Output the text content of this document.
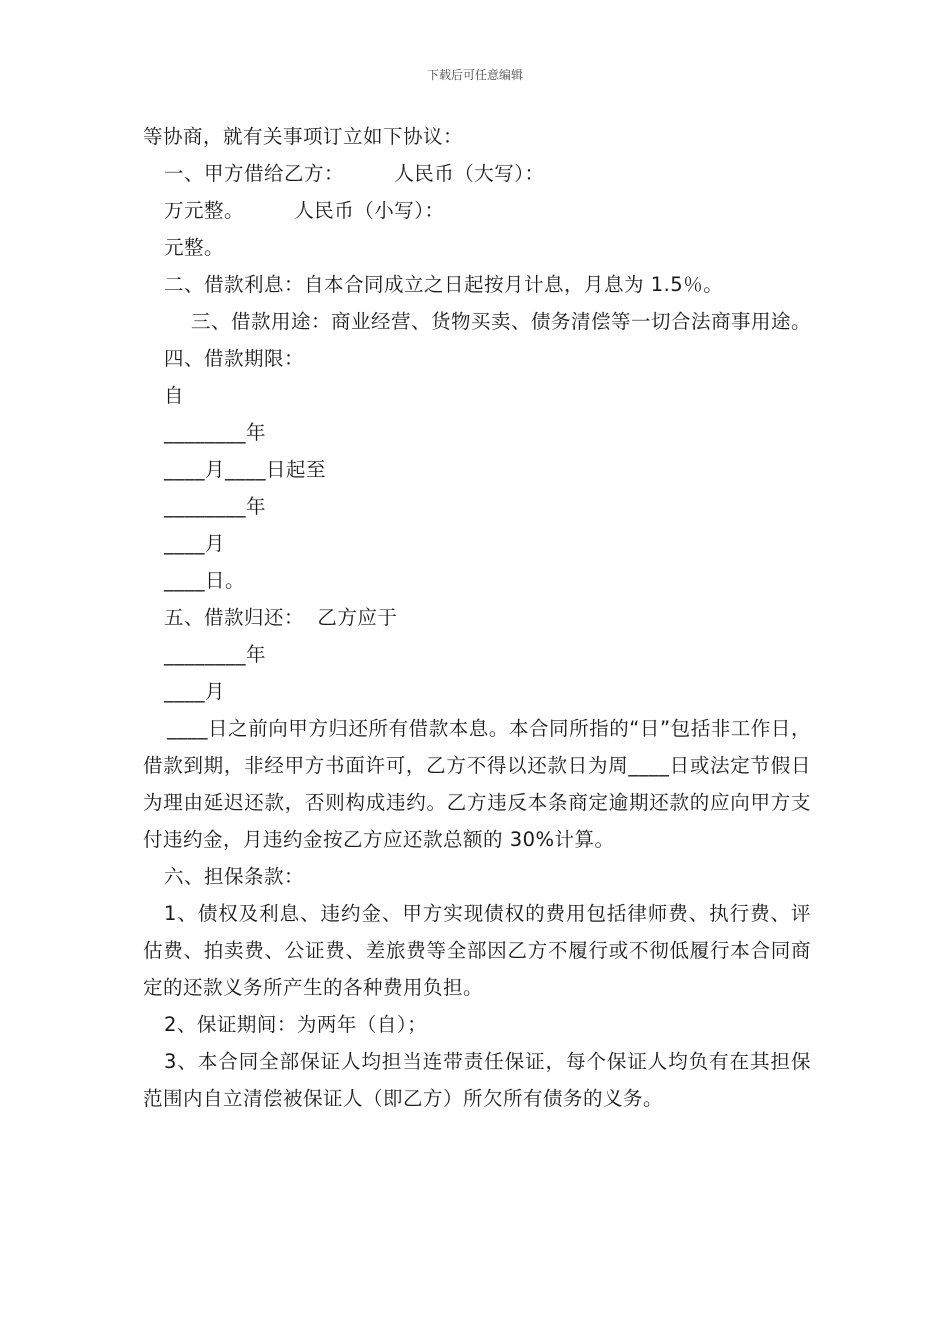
下载后可任意编辑

等协商，就有关事项订立如下协议：

一、甲方借给乙方：　　　人民币（大写）：

万元整。　　　人民币（小写）：

元整。

二、借款利息：自本合同成立之日起按月计息，月息为 1.5％。

三、借款用途：商业经营、货物买卖、债务清偿等一切合法商事用途。

四、借款期限：

自

________年

____月____日起至

________年

____月

____日。

五、借款归还：  乙方应于

________年

____月

____日之前向甲方归还所有借款本息。本合同所指的“日”包括非工作日，借款到期，非经甲方书面许可，乙方不得以还款日为周____日或法定节假日为理由延迟还款，否则构成违约。乙方违反本条商定逾期还款的应向甲方支付违约金，月违约金按乙方应还款总额的 30%计算。

六、担保条款：

1、债权及利息、违约金、甲方实现债权的费用包括律师费、执行费、评估费、拍卖费、公证费、差旅费等全部因乙方不履行或不彻低履行本合同商定的还款义务所产生的各种费用负担。

2、保证期间：为两年（自）；

3、本合同全部保证人均担当连带责任保证，每个保证人均负有在其担保范围内自立清偿被保证人（即乙方）所欠所有债务的义务。
